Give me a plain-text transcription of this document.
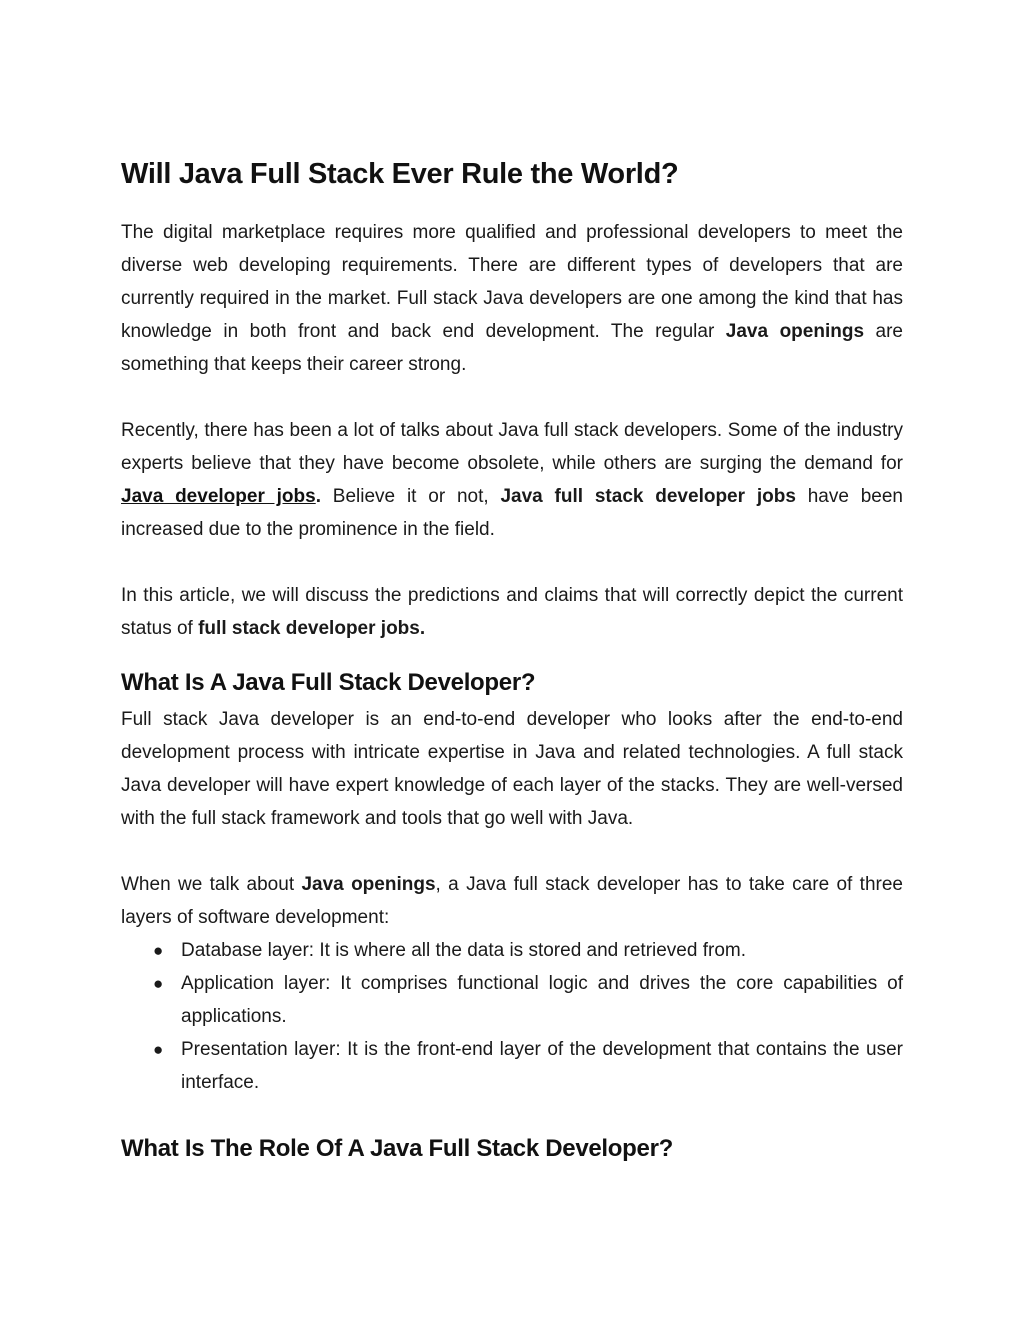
Will Java Full Stack Ever Rule the World?

The digital marketplace requires more qualified and professional developers to meet the diverse web developing requirements. There are different types of developers that are currently required in the market. Full stack Java developers are one among the kind that has knowledge in both front and back end development. The regular Java openings are something that keeps their career strong.

Recently, there has been a lot of talks about Java full stack developers. Some of the industry experts believe that they have become obsolete, while others are surging the demand for Java developer jobs. Believe it or not, Java full stack developer jobs have been increased due to the prominence in the field.

In this article, we will discuss the predictions and claims that will correctly depict the current status of full stack developer jobs.

What Is A Java Full Stack Developer?

Full stack Java developer is an end-to-end developer who looks after the end-to-end development process with intricate expertise in Java and related technologies. A full stack Java developer will have expert knowledge of each layer of the stacks. They are well-versed with the full stack framework and tools that go well with Java.

When we talk about Java openings, a Java full stack developer has to take care of three layers of software development:

● Database layer: It is where all the data is stored and retrieved from.
● Application layer: It comprises functional logic and drives the core capabilities of applications.
● Presentation layer: It is the front-end layer of the development that contains the user interface.
What Is The Role Of A Java Full Stack Developer?
